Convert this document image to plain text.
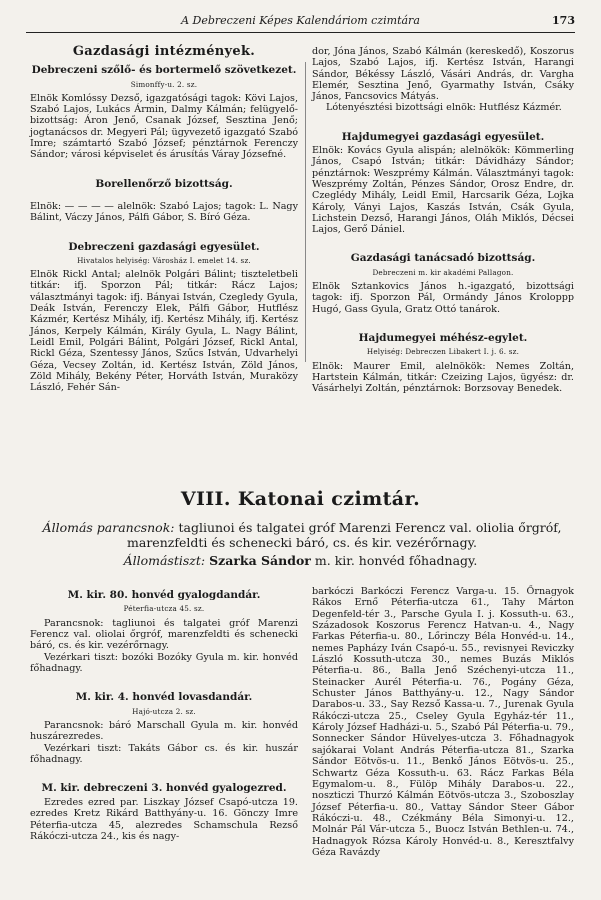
A Debreczeni Képes Kalendáriom czimtára	173
Gazdasági intézmények.
Debreczeni szőlő- és bortermelő szövetkezet.
Simonffy-u. 2. sz.

Elnök Komlóssy Dezső, igazgatósági tagok: Kövi Lajos, Szabó Lajos, Lukács Ármin, Dalmy Kálmán; felügyelő-bizottság: Áron Jenő, Csanak József, Sesztina Jenő; jogtanácsos dr. Megyeri Pál; ügyvezető igazgató Szabó Imre; számtartó Szabó József; pénztárnok Ferenczy Sándor; városi képviselet és árusítás Váray Józsefné.

Borellenőrző bizottság.

Elnök: — — — — alelnök: Szabó Lajos; tagok: L. Nagy Bálint, Váczy János, Pálfi Gábor, S. Bíró Géza.

Debreczeni gazdasági egyesület.
Hivatalos helyiség: Városház I. emelet 14. sz.

Elnök Rickl Antal; alelnök Polgári Bálint; tiszteletbeli titkár: ifj. Sporzon Pál; titkár: Rácz Lajos; választmányi tagok: ifj. Bányai István, Czegledy Gyula, Deák István, Ferenczy Elek, Pálfi Gábor, Hutflész Kázmér, Kertész Mihály, ifj. Kertész Mihály, ifj. Kertész János, Kerpely Kálmán, Király Gyula, L. Nagy Bálint, Leidl Emil, Polgári Bálint, Polgári József, Rickl Antal, Rickl Géza, Szentessy János, Szűcs István, Udvarhelyi Géza, Vecsey Zoltán, id. Kertész István, Zöld János, Zöld Mihály, Bekény Péter, Horváth István, Muraközy László, Fehér Sán-

dor, Jóna János, Szabó Kálmán (kereskedő), Koszorus Lajos, Szabó Lajos, ifj. Kertész István, Harangi Sándor, Békéssy László, Vásári András, dr. Vargha Elemér, Sesztina Jenő, Gyarmathy István, Csáky János, Fancsovics Mátyás.

Lótenyésztési bizottsági elnök: Hutflész Kázmér.

Hajdumegyei gazdasági egyesület.

Elnök: Kovács Gyula alispán; alelnökök: Kömmerling János, Csapó István; titkár: Dávidházy Sándor; pénztárnok: Weszprémy Kálmán. Választmányi tagok: Weszprémy Zoltán, Pénzes Sándor, Orosz Endre, dr. Czeglédy Mihály, Leidl Emil, Harcsarik Géza, Lojka Károly, Ványi Lajos, Kaszás István, Csák Gyula, Lichstein Dezső, Harangi János, Oláh Miklós, Décsei Lajos, Gerő Dániel.

Gazdasági tanácsadó bizottság.
Debreczeni m. kir akadémi Pallagon.

Elnök Sztankovics János h.-igazgató, bizottsági tagok: ifj. Sporzon Pál, Ormándy János Kroloppp Hugó, Gass Gyula, Gratz Ottó tanárok.

Hajdumegyei méhész-egylet.
Helyiség: Debreczen Libakert I. j. 6. sz.

Elnök: Maurer Emil, alelnökök: Nemes Zoltán, Hartstein Kálmán, titkár: Czeizing Lajos, ügyész: dr. Vásárhelyi Zoltán, pénztárnok: Borzsovay Benedek.

VIII. Katonai czimtár.
Állomás parancsnok: tagliunoi és talgatei gróf Marenzi Ferencz val. oliolia őrgróf, marenzfeldti és schenecki báró, cs. és kir. vezérőrnagy.
Állomástiszt: Szarka Sándor m. kir. honvéd főhadnagy.
M. kir. 80. honvéd gyalogdandár.
Péterfia-utcza 45. sz.

Parancsnok: tagliunoi és talgatei gróf Marenzi Ferencz val. oliolai őrgróf, marenzfeldti és schenecki báró, cs. és kir. vezérőrnagy.

Vezérkari tiszt: bozóki Bozóky Gyula m. kir. honvéd főhadnagy.

M. kir. 4. honvéd lovasdandár.
Hajó-utcza 2. sz.

Parancsnok: báró Marschall Gyula m. kir. honvéd huszárezredes.

Vezérkari tiszt: Takáts Gábor cs. és kir. huszár főhadnagy.

M. kir. debreczeni 3. honvéd gyalogezred.

Ezredes ezred par. Liszkay József Csapó-utcza 19. ezredes Kretz Rikárd Batthyány-u. 16. Gönczy Imre Péterfia-utcza 45, alezredes Schamschula Rezső Rákóczi-utcza 24., kis és nagy-

barkóczi Barkóczi Ferencz Varga-u. 15. Őrnagyok Rákos Ernő Péterfia-utcza 61., Tahy Márton Degenfeld-tér 3., Parsche Gyula I. j. Kossuth-u. 63., Századosok Koszorus Ferencz Hatvan-u. 4., Nagy Farkas Péterfia-u. 80., Lőrinczy Béla Honvéd-u. 14., nemes Papházy Iván Csapó-u. 55., revisnyei Reviczky László Kossuth-utcza 30., nemes Buzás Miklós Péterfia-u. 86., Balla Jenő Széchenyi-utcza 11., Steinacker Aurél Péterfia-u. 76., Pogány Géza, Schuster János Batthyány-u. 12., Nagy Sándor Darabos-u. 33., Say Rezső Kassa-u. 7., Jurenak Gyula Rákóczi-utcza 25., Cseley Gyula Egyház-tér 11., Károly József Hadházi-u. 5., Szabó Pál Péterfia-u. 79., Sonnecker Sándor Hüvelyes-utcza 3. Főhadnagyok sajókarai Volant András Péterfia-utcza 81., Szarka Sándor Eötvös-u. 11., Benkő János Eötvös-u. 25., Schwartz Géza Kossuth-u. 63. Rácz Farkas Béla Egymalom-u. 8., Fülöp Mihály Darabos-u. 22., noszticzi Thurzó Kálmán Eötvös-utcza 3., Szoboszlay József Péterfia-u. 80., Vattay Sándor Steer Gábor Rákóczi-u. 48., Czékmány Béla Simonyi-u. 12., Molnár Pál Vár-utcza 5., Buocz István Bethlen-u. 74., Hadnagyok Rózsa Károly Honvéd-u. 8., Keresztfalvy Géza Ravázdy
